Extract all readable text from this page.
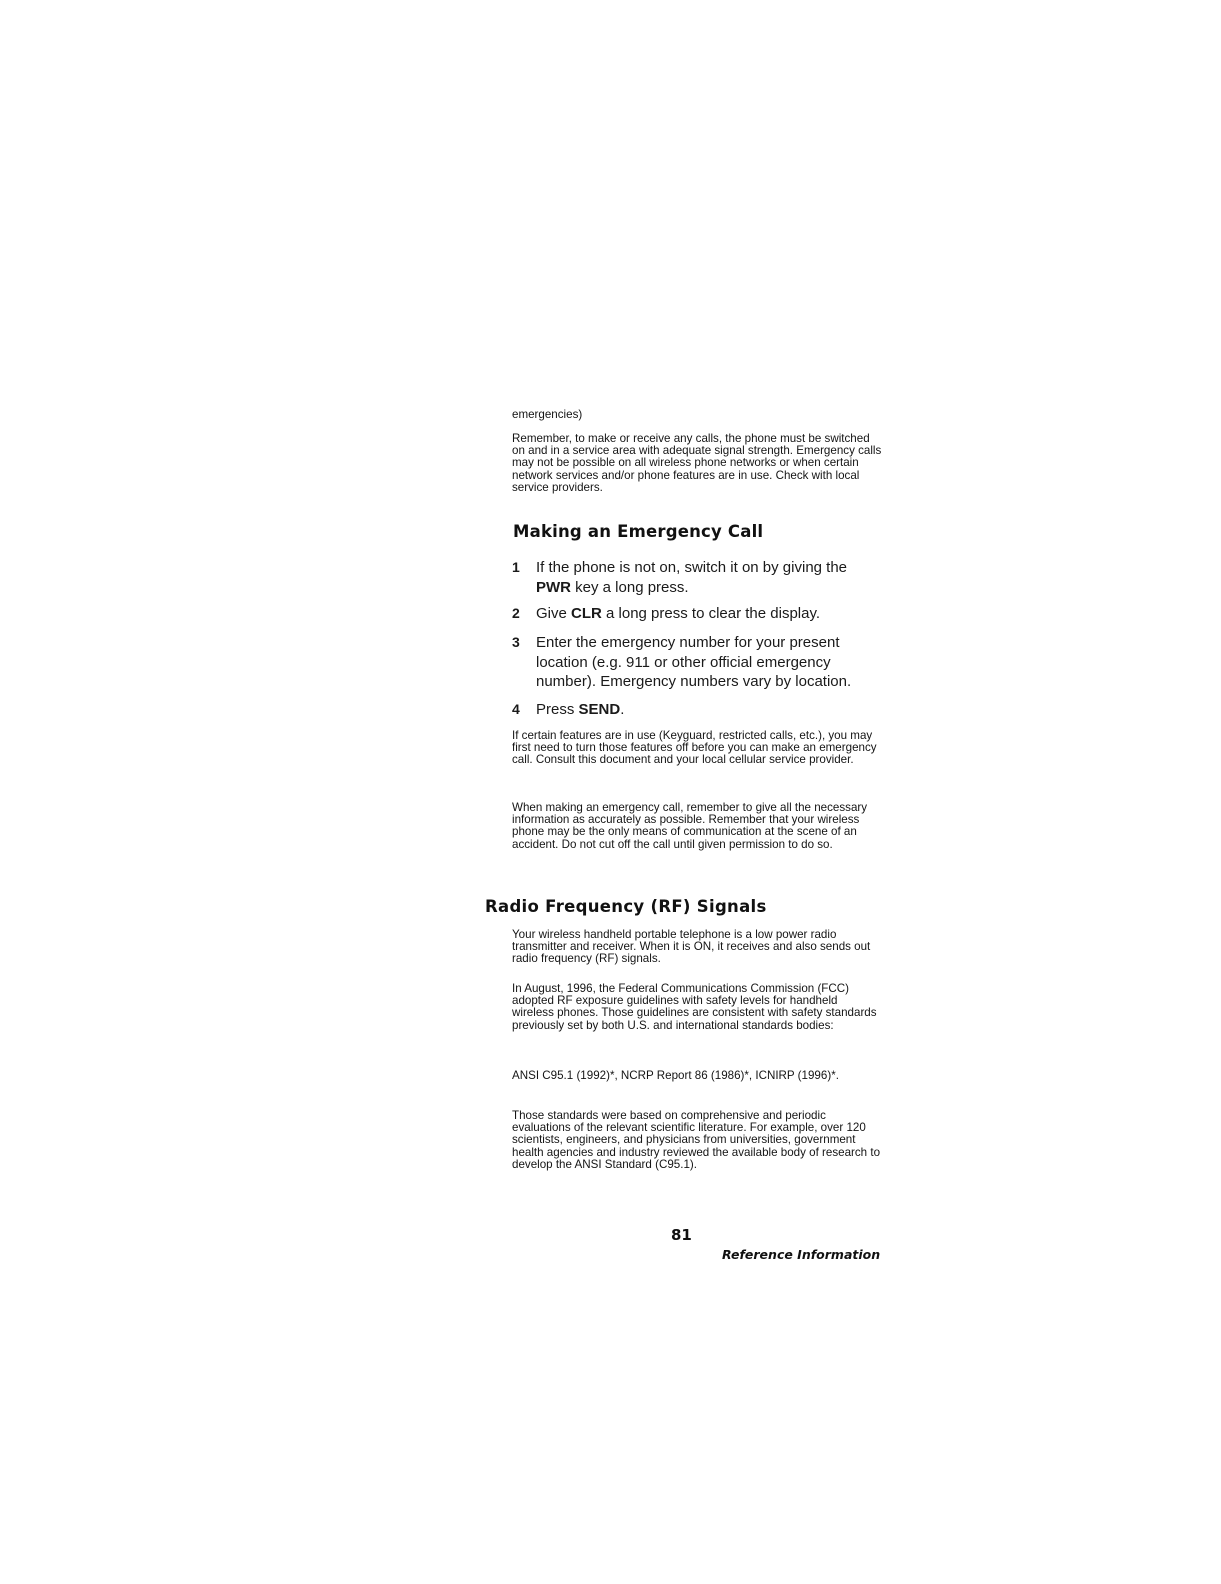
emergencies)

Remember, to make or receive any calls, the phone must be switched on and in a service area with adequate signal strength. Emergency calls may not be possible on all wireless phone networks or when certain network services and/or phone features are in use. Check with local service providers.

Making an Emergency Call
1 If the phone is not on, switch it on by giving the PWR key a long press.
2 Give CLR a long press to clear the display.
3 Enter the emergency number for your present location (e.g. 911 or other official emergency number). Emergency numbers vary by location.
4 Press SEND.

If certain features are in use (Keyguard, restricted calls, etc.), you may first need to turn those features off before you can make an emergency call. Consult this document and your local cellular service provider.

When making an emergency call, remember to give all the necessary information as accurately as possible. Remember that your wireless phone may be the only means of communication at the scene of an accident. Do not cut off the call until given permission to do so.

Radio Frequency (RF) Signals

Your wireless handheld portable telephone is a low power radio transmitter and receiver. When it is ON, it receives and also sends out radio frequency (RF) signals.

In August, 1996, the Federal Communications Commission (FCC) adopted RF exposure guidelines with safety levels for handheld wireless phones. Those guidelines are consistent with safety standards previously set by both U.S. and international standards bodies:

ANSI C95.1 (1992)*, NCRP Report 86 (1986)*, ICNIRP (1996)*.

Those standards were based on comprehensive and periodic evaluations of the relevant scientific literature. For example, over 120 scientists, engineers, and physicians from universities, government health agencies and industry reviewed the available body of research to develop the ANSI Standard (C95.1).

81
Reference Information
